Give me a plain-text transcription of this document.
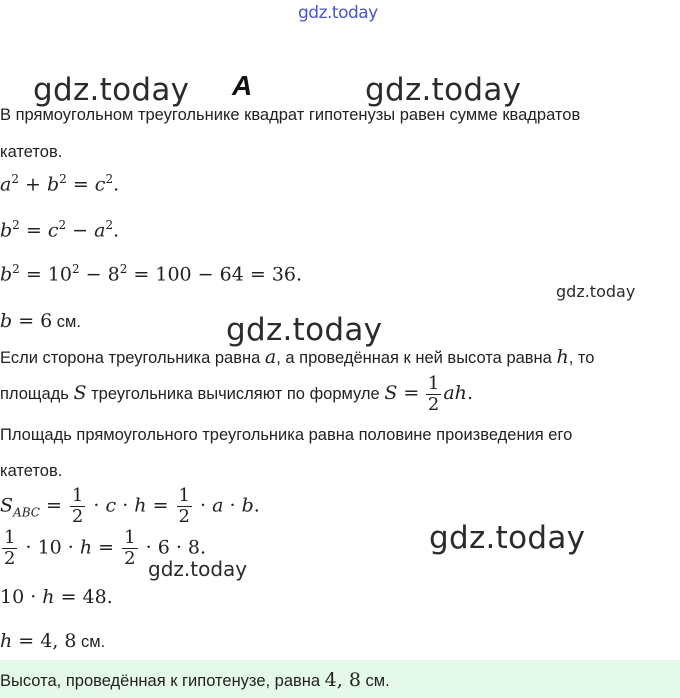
gdz.today
gdz.today	gdz.today
gdz.today
gdz.today
gdz.today
gdz.today
А
В прямоугольном треугольнике квадрат гипотенузы равен сумме квадратов
катетов.
$a^2 + b^2 = c^2$.
$b^2 = c^2 - a^2$.
$b^2 = 10^2 - 8^2 = 100 - 64 = 36$.
b = 6 см.
Если сторона треугольника равна a, а проведённая к ней высота равна h, то
площадь S треугольника вычисляют по формуле $S = \frac{1}{2}$ ah.
Площадь прямоугольного треугольника равна половине произведения его
катетов.
$S_{ABC} = \frac{1}{2} \cdot c \cdot h = \frac{1}{2} \cdot a \cdot b$.
$\frac{1}{2} \cdot 10 \cdot h = \frac{1}{2} \cdot 6 \cdot 8$.
10 · h = 48.
h = 4, 8 см.
Высота, проведённая к гипотенузе, равна 4, 8 см.
